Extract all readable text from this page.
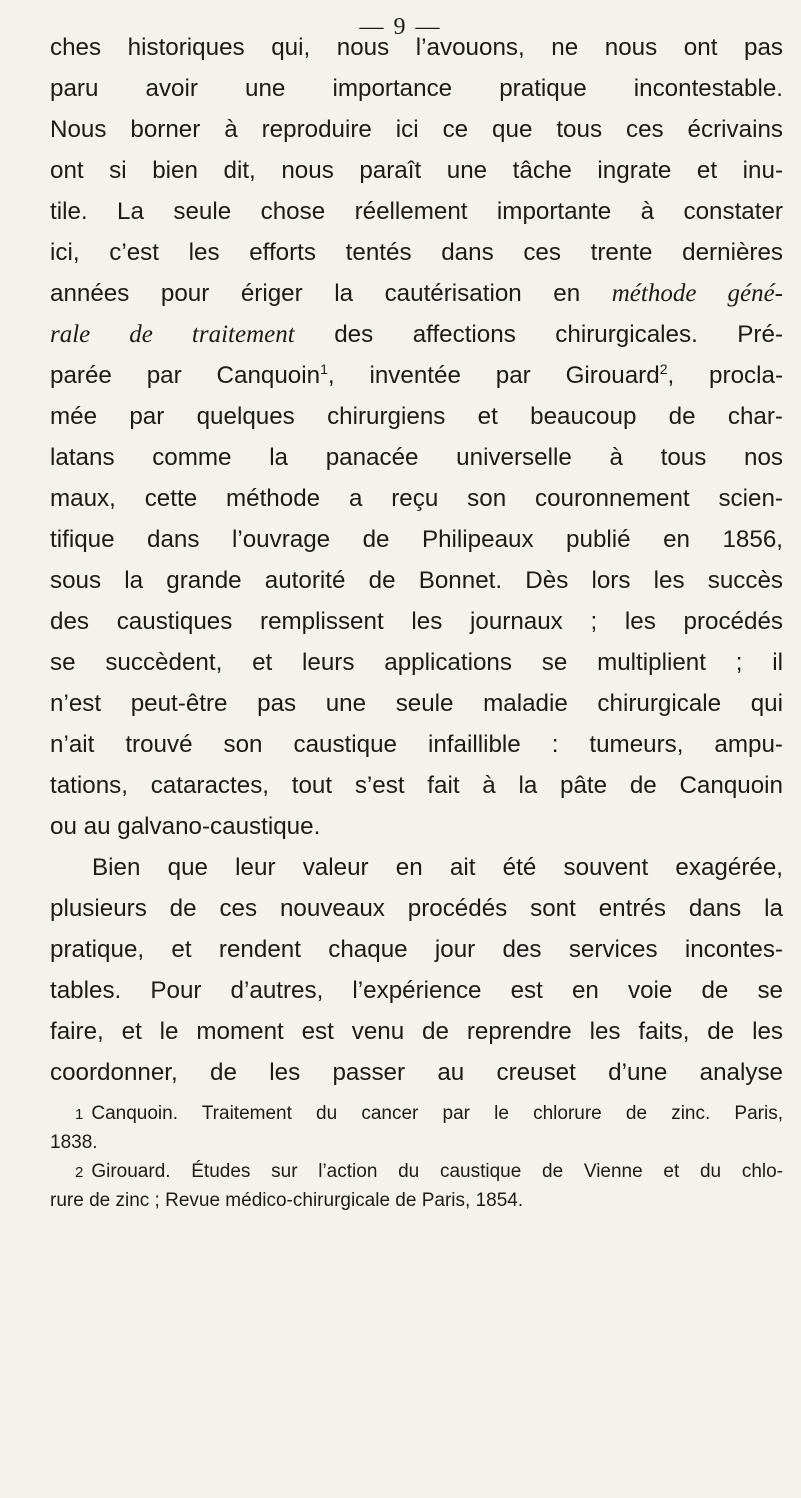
— 9 —
ches historiques qui, nous l’avouons, ne nous ont pas
paru avoir une importance pratique incontestable.
Nous borner à reproduire ici ce que tous ces écrivains
ont si bien dit, nous paraît une tâche ingrate et inu-
tile. La seule chose réellement importante à constater
ici, c’est les efforts tentés dans ces trente dernières
années pour ériger la cautérisation en méthode géné-
rale de traitement des affections chirurgicales. Pré-
parée par Canquoin$^1$, inventée par Girouard$^2$, procla-
mée par quelques chirurgiens et beaucoup de char-
latans comme la panacée universelle à tous nos
maux, cette méthode a reçu son couronnement scien-
tifique dans l’ouvrage de Philipeaux publié en 1856,
sous la grande autorité de Bonnet. Dès lors les succès
des caustiques remplissent les journaux ; les procédés
se succèdent, et leurs applications se multiplient ; il
n’est peut-être pas une seule maladie chirurgicale qui
n’ait trouvé son caustique infaillible : tumeurs, ampu-
tations, cataractes, tout s’est fait à la pâte de Canquoin
ou au galvano-caustique.
Bien que leur valeur en ait été souvent exagérée,
plusieurs de ces nouveaux procédés sont entrés dans la
pratique, et rendent chaque jour des services incontes-
tables. Pour d’autres, l’expérience est en voie de se
faire, et le moment est venu de reprendre les faits, de les
coordonner, de les passer au creuset d’une analyse
1 Canquoin. Traitement du cancer par le chlorure de zinc. Paris,
1838.
2 Girouard. Études sur l’action du caustique de Vienne et du chlo-
rure de zinc ; Revue médico-chirurgicale de Paris, 1854.
